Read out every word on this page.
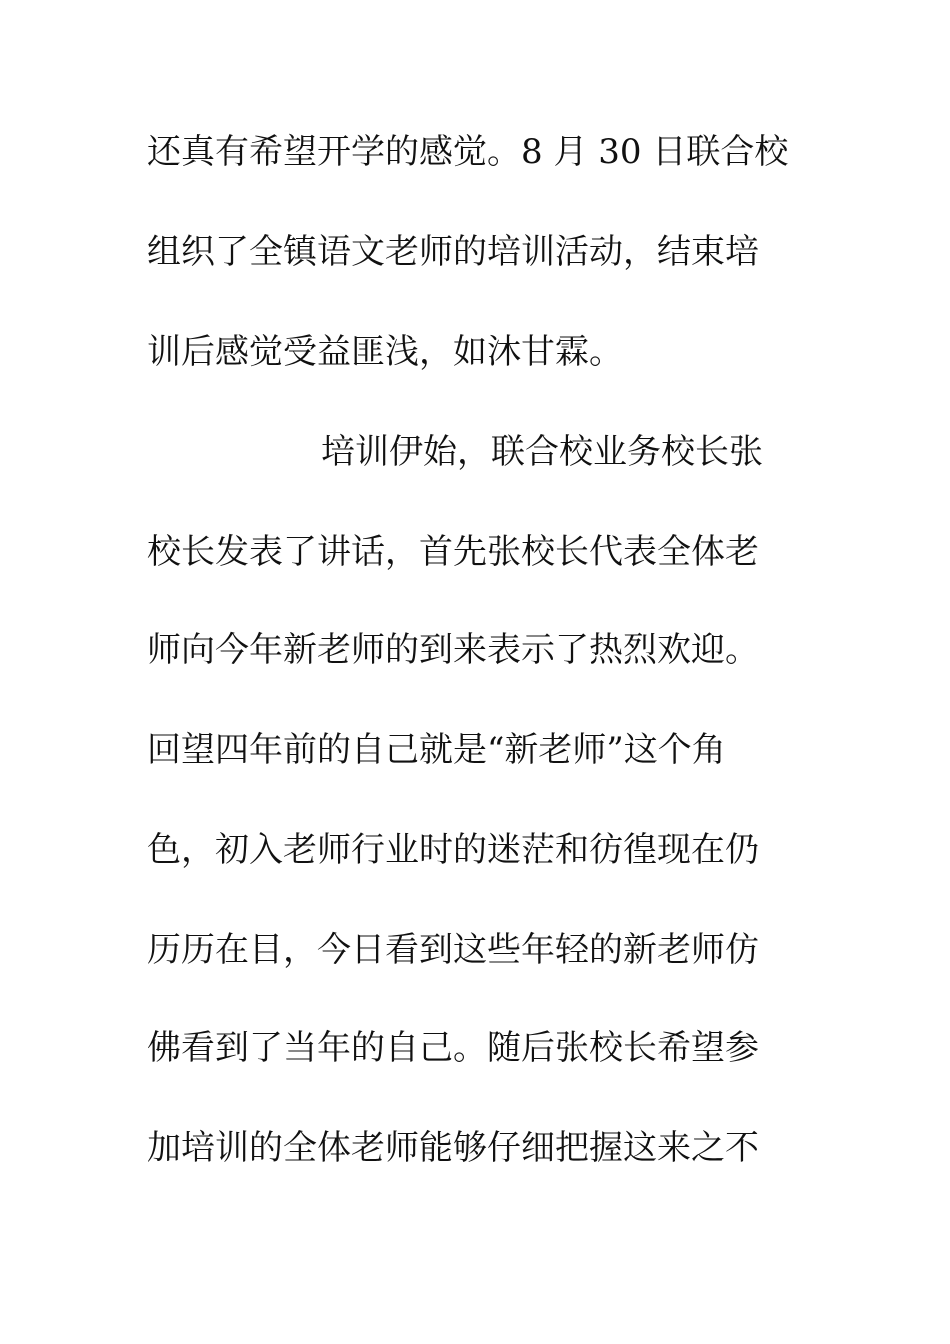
还真有希望开学的感觉。8 月 30 日联合校
组织了全镇语文老师的培训活动，结束培
训后感觉受益匪浅，如沐甘霖。
培训伊始，联合校业务校长张
校长发表了讲话，首先张校长代表全体老
师向今年新老师的到来表示了热烈欢迎。
回望四年前的自己就是“新老师”这个角
色，初入老师行业时的迷茫和彷徨现在仍
历历在目，今日看到这些年轻的新老师仿
佛看到了当年的自己。随后张校长希望参
加培训的全体老师能够仔细把握这来之不
